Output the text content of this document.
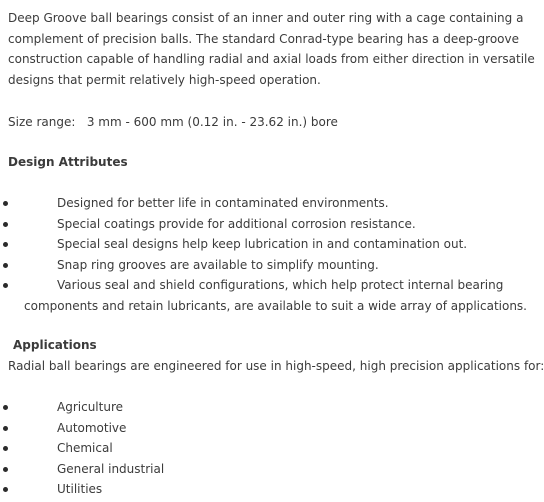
Deep Groove ball bearings consist of an inner and outer ring with a cage containing a complement of precision balls. The standard Conrad-type bearing has a deep-groove construction capable of handling radial and axial loads from either direction in versatile designs that permit relatively high-speed operation.

Size range: 3 mm - 600 mm (0.12 in. - 23.62 in.) bore

Design Attributes
Designed for better life in contaminated environments.
Special coatings provide for additional corrosion resistance.
Special seal designs help keep lubrication in and contamination out.
Snap ring grooves are available to simplify mounting.
Various seal and shield configurations, which help protect internal bearing
components and retain lubricants, are available to suit a wide array of applications.
Applications

Radial ball bearings are engineered for use in high-speed, high precision applications for:

Agriculture
Automotive
Chemical
General industrial
Utilities
